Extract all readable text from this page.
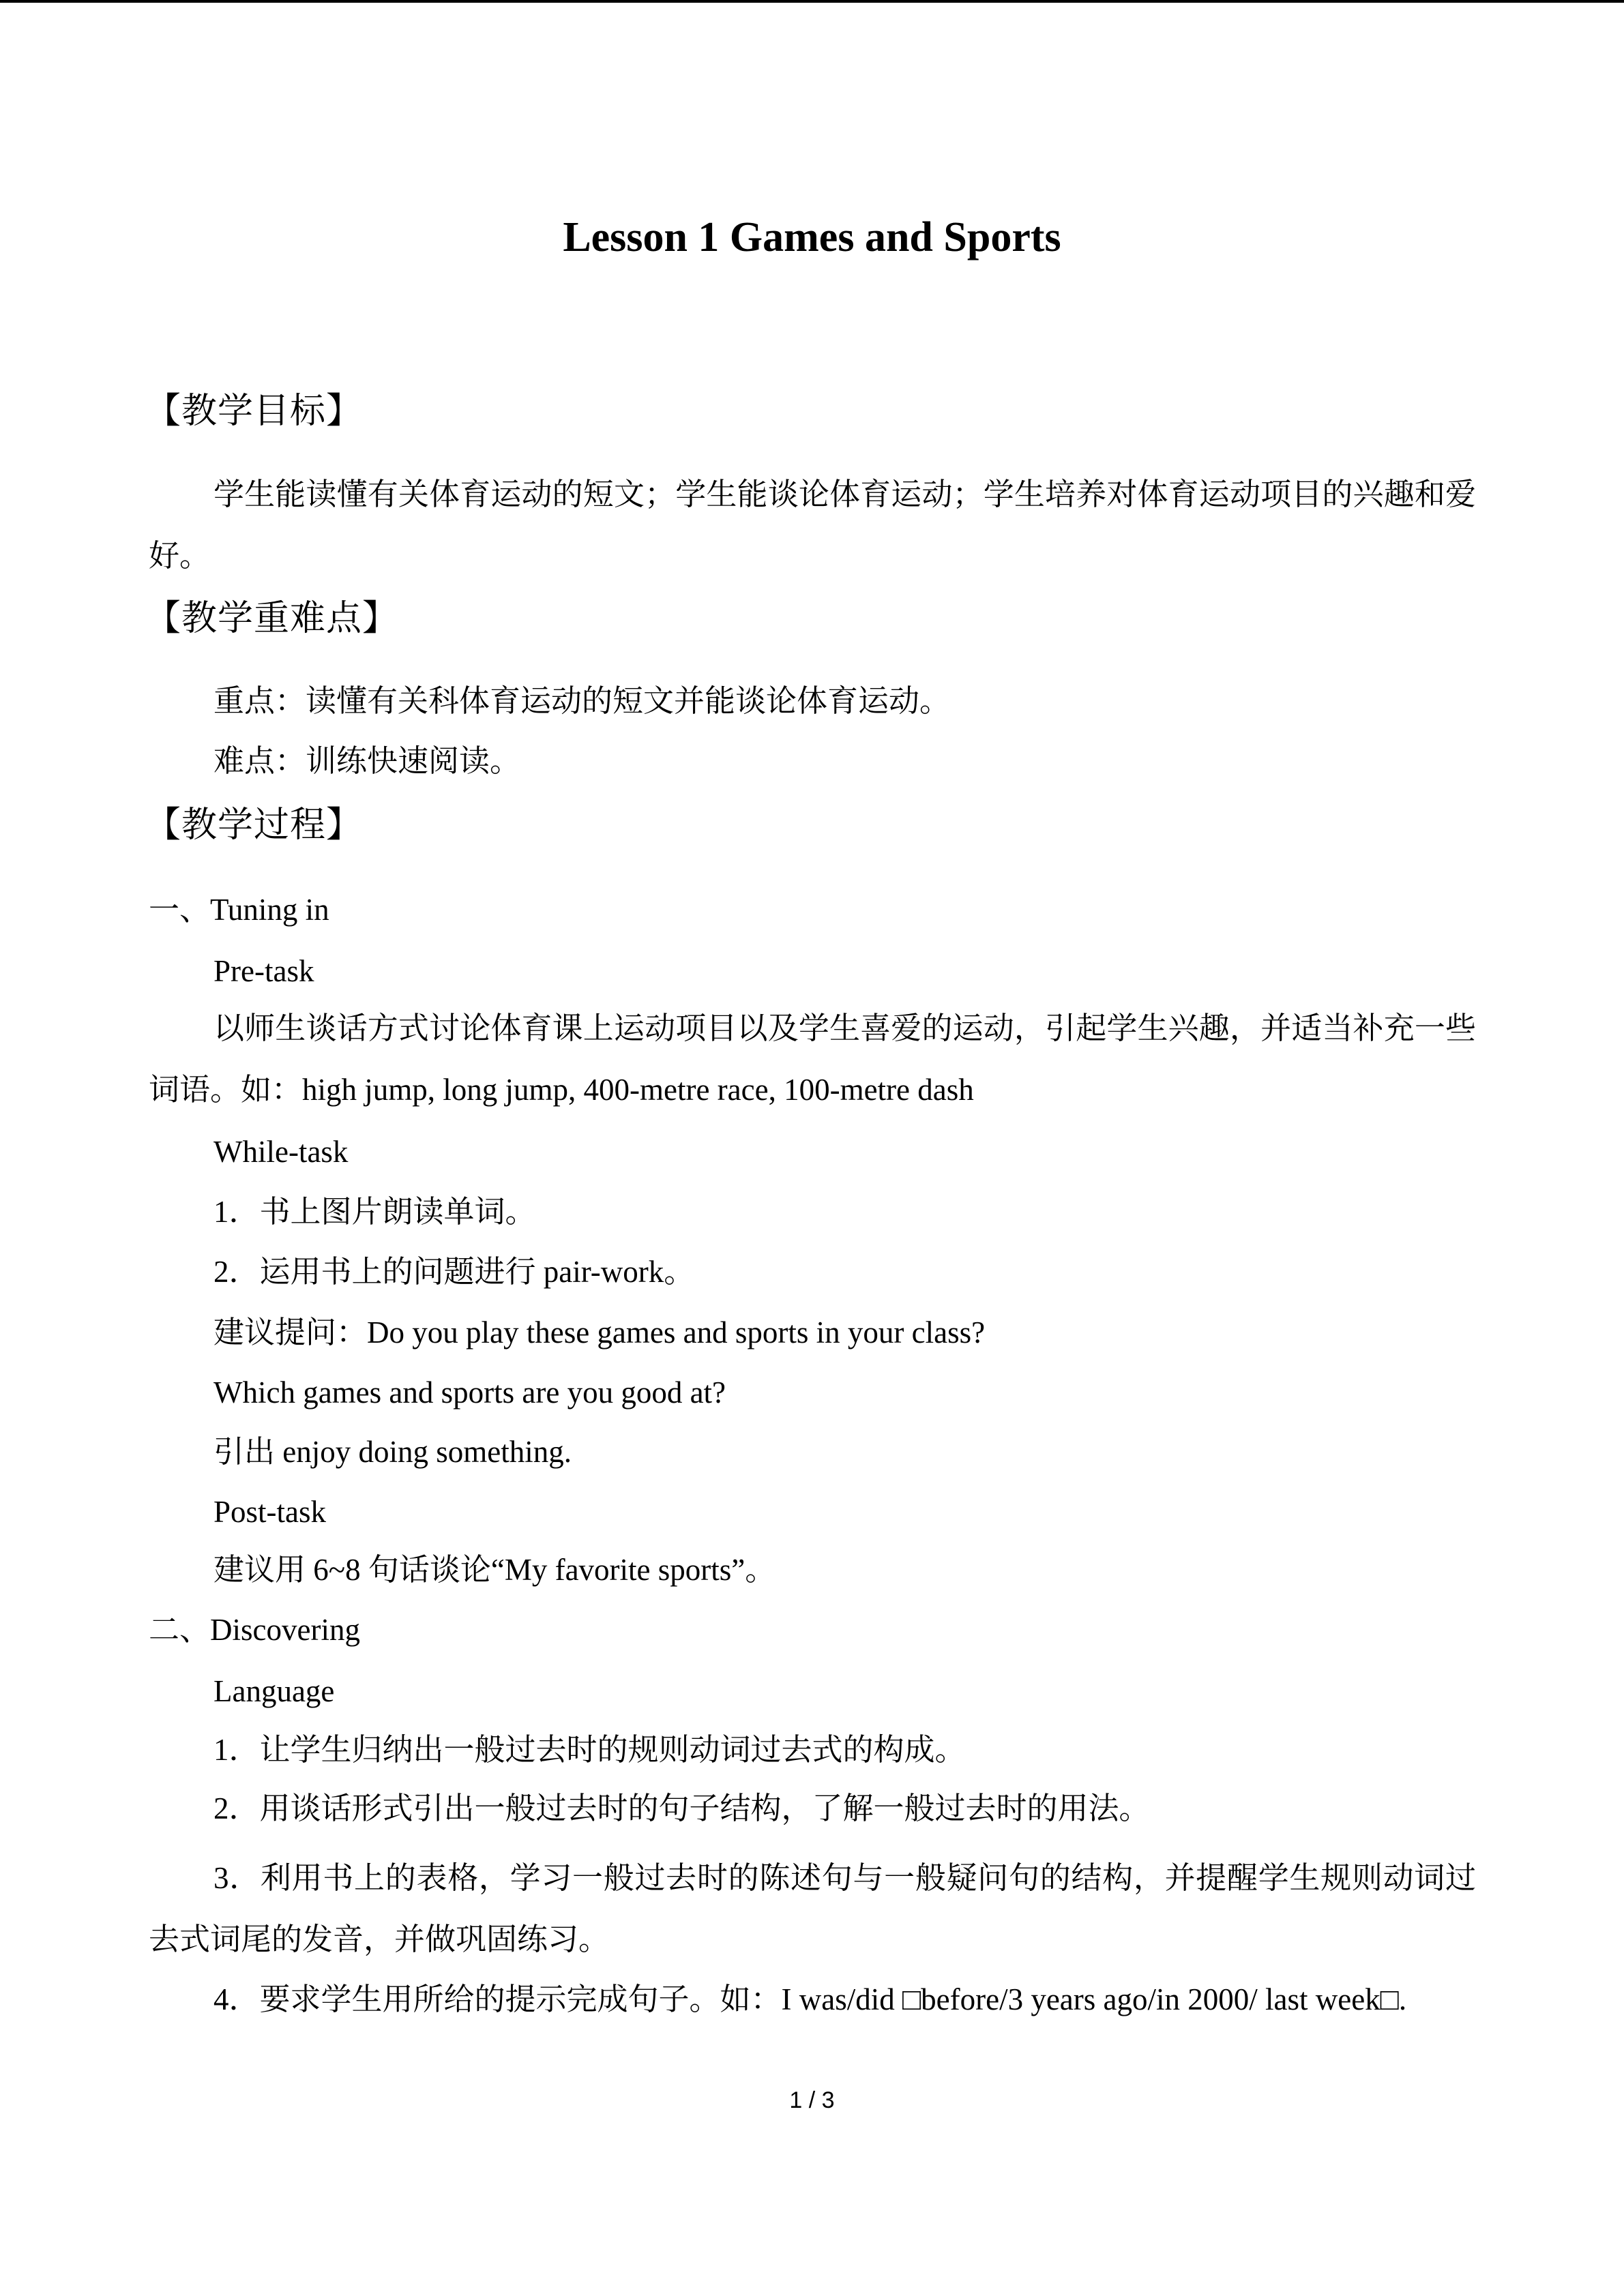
Lesson 1 Games and Sports
【教学目标】
学生能读懂有关体育运动的短文；学生能谈论体育运动；学生培养对体育运动项目的兴趣和爱好。
【教学重难点】
重点：读懂有关科体育运动的短文并能谈论体育运动。
难点：训练快速阅读。
【教学过程】
一、Tuning in
Pre-task
以师生谈话方式讨论体育课上运动项目以及学生喜爱的运动，引起学生兴趣，并适当补充一些词语。如：high jump, long jump, 400-metre race, 100-metre dash
While-task
1．书上图片朗读单词。
2．运用书上的问题进行 pair-work。
建议提问：Do you play these games and sports in your class?
Which games and sports are you good at?
引出 enjoy doing something.
Post-task
建议用 6~8 句话谈论“My favorite sports”。
二、Discovering
Language
1．让学生归纳出一般过去时的规则动词过去式的构成。
2．用谈话形式引出一般过去时的句子结构，了解一般过去时的用法。
3．利用书上的表格，学习一般过去时的陈述句与一般疑问句的结构，并提醒学生规则动词过去式词尾的发音，并做巩固练习。
4．要求学生用所给的提示完成句子。如：I was/did □before/3 years ago/in 2000/ last week□.
1 / 3
